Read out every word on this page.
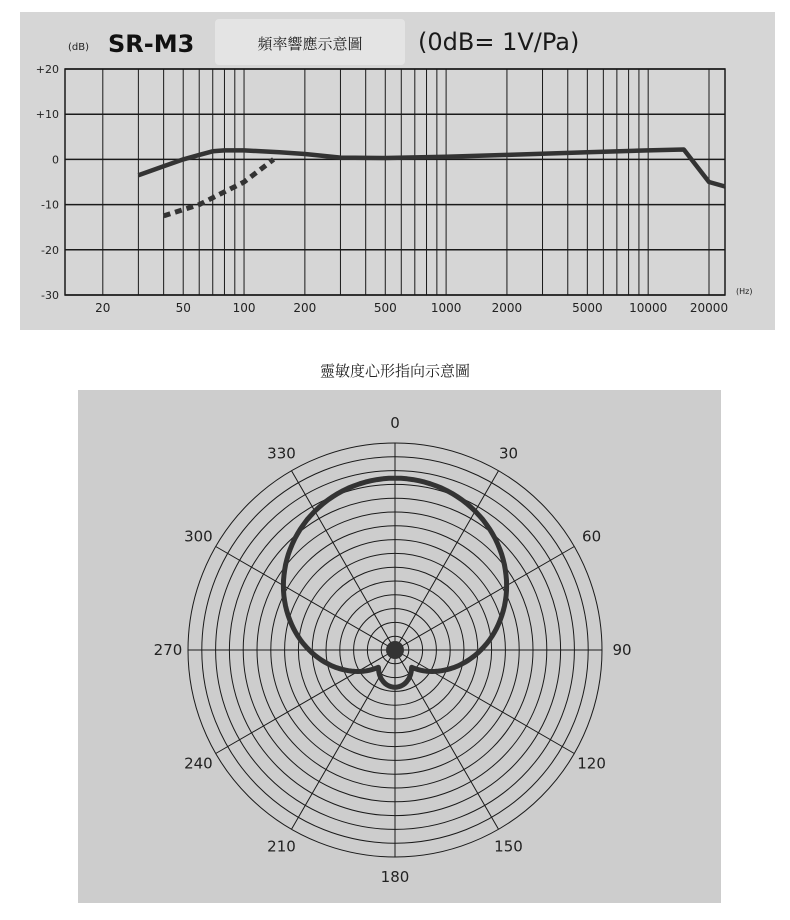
(dB) SR-M3	頻率響應示意圖 (0dB= 1V/Pa)
(Hz)
+20
+10
0
-10
-20
-30
20	50	100	200	500	1000	2000	5000 10000 20000
靈敏度心形指向示意圖
0
30
60
90
120
150
180
210
240
270
300
330
